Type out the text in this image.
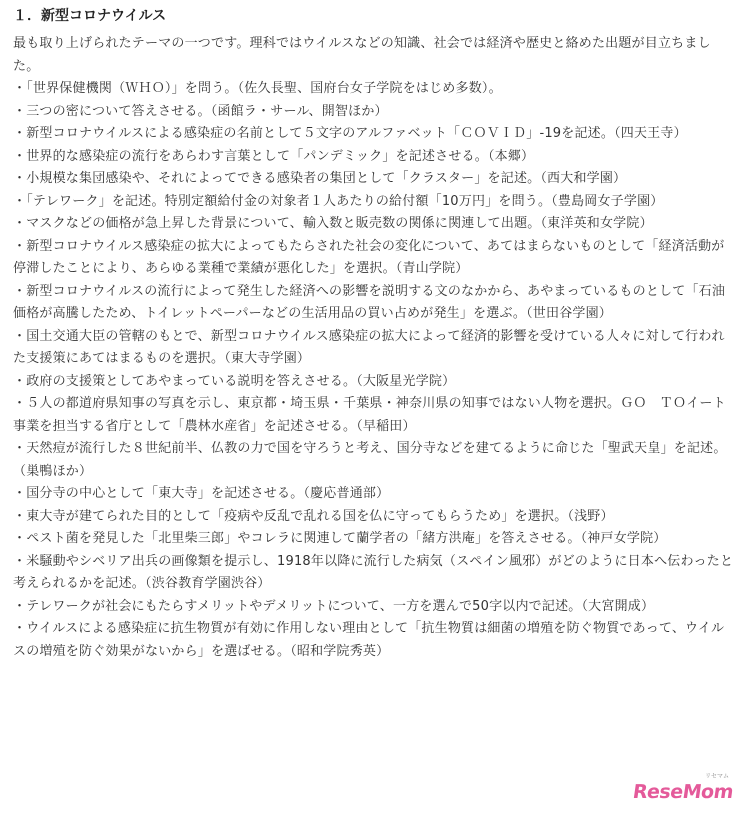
１．新型コロナウイルス

最も取り上げられたテーマの一つです。理科ではウイルスなどの知識、社会では経済や歴史と絡めた出題が目立ちました。

・「世界保健機関（ＷＨＯ）」を問う。（佐久長聖、国府台女子学院をはじめ多数）。
・三つの密について答えさせる。（函館ラ・サール、開智ほか）
・新型コロナウイルスによる感染症の名前として５文字のアルファベット「ＣＯＶＩＤ」-19を記述。（四天王寺）
・世界的な感染症の流行をあらわす言葉として「パンデミック」を記述させる。（本郷）
・小規模な集団感染や、それによってできる感染者の集団として「クラスター」を記述。（西大和学園）
・「テレワーク」を記述。特別定額給付金の対象者１人あたりの給付額「10万円」を問う。（豊島岡女子学園）
・マスクなどの価格が急上昇した背景について、輸入数と販売数の関係に関連して出題。（東洋英和女学院）
・新型コロナウイルス感染症の拡大によってもたらされた社会の変化について、あてはまらないものとして「経済活動が停滞したことにより、あらゆる業種で業績が悪化した」を選択。（青山学院）
・新型コロナウイルスの流行によって発生した経済への影響を説明する文のなかから、あやまっているものとして「石油価格が高騰したため、トイレットペーパーなどの生活用品の買い占めが発生」を選ぶ。（世田谷学園）
・国土交通大臣の管轄のもとで、新型コロナウイルス感染症の拡大によって経済的影響を受けている人々に対して行われた支援策にあてはまるものを選択。（東大寺学園）
・政府の支援策としてあやまっている説明を答えさせる。（大阪星光学院）
・５人の都道府県知事の写真を示し、東京都・埼玉県・千葉県・神奈川県の知事ではない人物を選択。ＧＯ　ＴＯイート事業を担当する省庁として「農林水産省」を記述させる。（早稲田）
・天然痘が流行した８世紀前半、仏教の力で国を守ろうと考え、国分寺などを建てるように命じた「聖武天皇」を記述。（巣鴨ほか）
・国分寺の中心として「東大寺」を記述させる。（慶応普通部）
・東大寺が建てられた目的として「疫病や反乱で乱れる国を仏に守ってもらうため」を選択。（浅野）
・ペスト菌を発見した「北里柴三郎」やコレラに関連して蘭学者の「緒方洪庵」を答えさせる。（神戸女学院）
・米騒動やシベリア出兵の画像類を提示し、1918年以降に流行した病気（スペイン風邪）がどのように日本へ伝わったと考えられるかを記述。（渋谷教育学園渋谷）
・テレワークが社会にもたらすメリットやデメリットについて、一方を選んで50字以内で記述。（大宮開成）
・ウイルスによる感染症に抗生物質が有効に作用しない理由として「抗生物質は細菌の増殖を防ぐ物質であって、ウイルスの増殖を防ぐ効果がないから」を選ばせる。（昭和学院秀英）
リセマム
ReseMom
